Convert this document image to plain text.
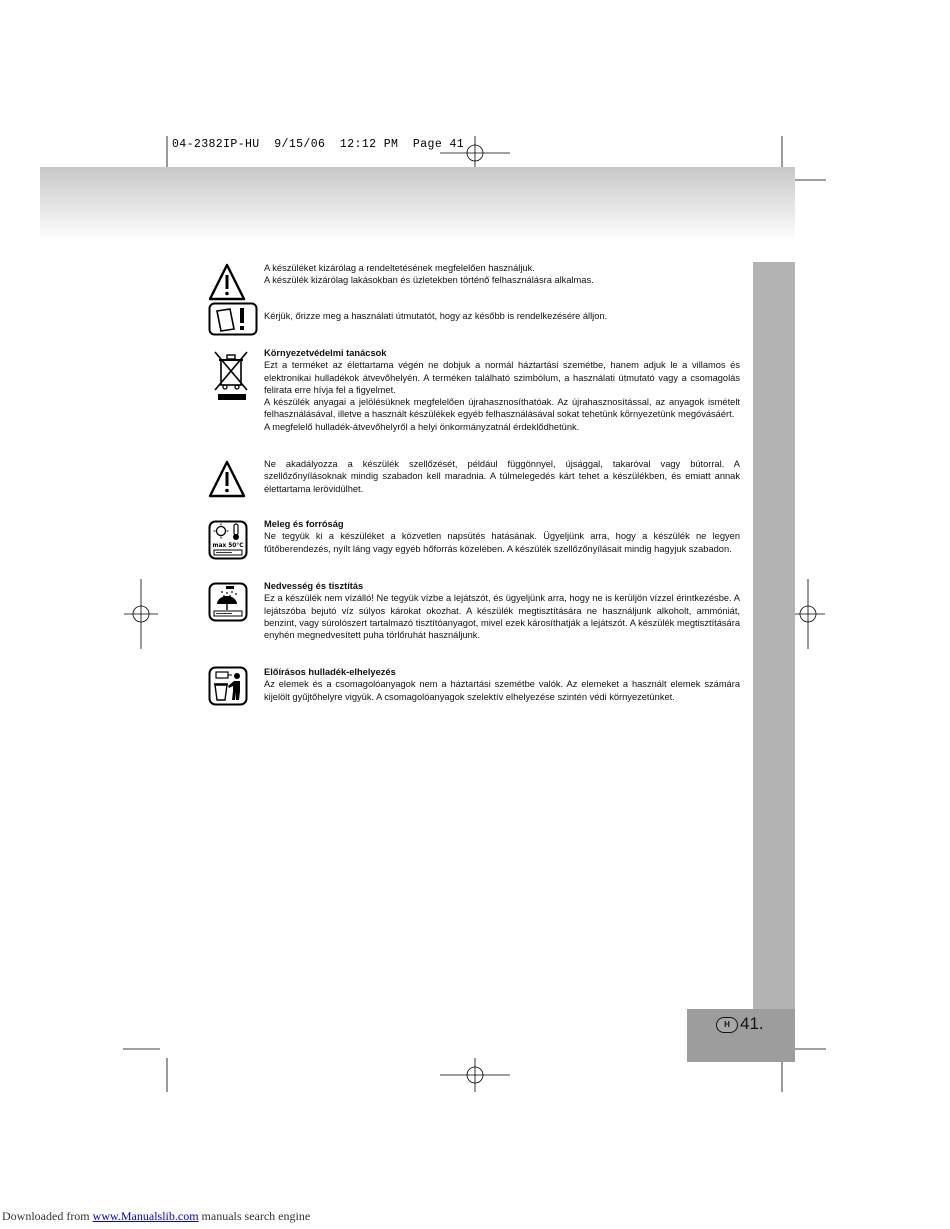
04-2382IP-HU  9/15/06  12:12 PM  Page 41
H 41.

A készüléket kizárólag a rendeltetésének megfelelően használjuk.

A készülék kizárólag lakásokban és üzletekben történő felhasználásra alkalmas.

Kérjük, őrizze meg a használati útmutatót, hogy az később is rendelkezésére álljon.

Környezetvédelmi tanácsok

Ezt a terméket az élettartama végén ne dobjuk a normál háztartási szemétbe, hanem adjuk le a villamos és elektronikai hulladékok átvevőhelyén. A terméken található szimbólum, a használati útmutató vagy a csomagolás felirata erre hívja fel a figyelmet.

A készülék anyagai a jelölésüknek megfelelően újrahasznosíthatóak. Az újrahasznosítással, az anyagok ismételt felhasználásával, illetve a használt készülékek egyéb felhasználásával sokat tehetünk környezetünk megóvásáért.

A megfelelő hulladék-átvevőhelyről a helyi önkormányzatnál érdeklődhetünk.

Ne akadályozza a készülék szellőzését, például függönnyel, újsággal, takaróval vagy bútorral. A szellőzőnyílásoknak mindig szabadon kell maradnia. A túlmelegedés kárt tehet a készülékben, és emiatt annak élettartama lerövidülhet.

max 50°C
Meleg és forróság

Ne tegyük ki a készüléket a közvetlen napsütés hatásának. Ügyeljünk arra, hogy a készülék ne legyen fűtőberendezés, nyílt láng vagy egyéb hőforrás közelében. A készülék szellőzőnyílásait mindig hagyjuk szabadon.

Nedvesség és tisztítás

Ez a készülék nem vízálló! Ne tegyük vízbe a lejátszót, és ügyeljünk arra, hogy ne is kerüljön vízzel érintkezésbe. A lejátszóba bejutó víz súlyos károkat okozhat. A készülék megtisztítására ne használjunk alkoholt, ammóniát, benzint, vagy súrolószert tartalmazó tisztítóanyagot, mivel ezek károsíthatják a lejátszót. A készülék megtisztítására enyhén megnedvesített puha törlőruhát használjunk.

Előírásos hulladék-elhelyezés

Az elemek és a csomagolóanyagok nem a háztartási szemétbe valók. Az elemeket a használt elemek számára kijelölt gyűjtőhelyre vigyük. A csomagolóanyagok szelektív elhelyezése szintén védi környezetünket.

Downloaded from www.Manualslib.com manuals search engine
